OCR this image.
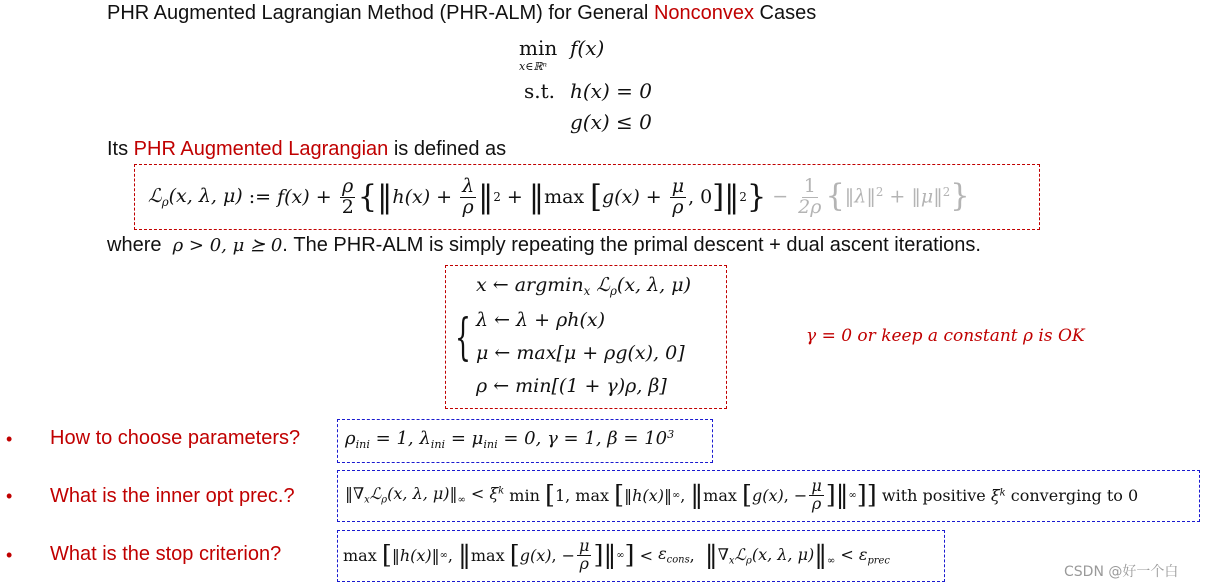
PHR Augmented Lagrangian Method (PHR-ALM) for General Nonconvex Cases
min
x∈ℝⁿ
f(x)
s.t. h(x) = 0
g(x) ≤ 0
Its PHR Augmented Lagrangian is defined as
ℒ$_\rho$(x, λ, μ) := $f(x) + \frac{\rho}{2}$ { ‖ $h(x) + \frac{\lambda}{\rho}$ ‖ 2 + ‖ max [ $g(x) + \frac{\mu}{\rho}$ , 0 ] ‖ 2 } − $\frac{1}{2\rho}$ {‖λ‖$^2$ + ‖μ‖$^2$}
where ρ > 0, μ ⪰ 0. The PHR-ALM is simply repeating the primal descent + dual ascent iterations.
{
x ← argmin$_x$ ℒ$_\rho$(x, λ, μ)
λ ← λ + ρh(x)
μ ← max[μ + ρg(x), 0]
ρ ← min[(1 + γ)ρ, β]
γ = 0 or keep a constant ρ is OK
• How to choose parameters?
• What is the inner opt prec.?
• What is the stop criterion?
$\rho_{ini} = 1$, $\lambda_{ini} = \mu_{ini} = 0$, γ = 1, $\beta = 10^3$
$‖\nabla_xℒ_\rho(x$, λ, $\mu)‖_\infty < \xi^k$ min [ 1, max [ ‖ h(x) ‖ ∞ , ‖ max [ g(x) , − $\frac{\mu}{\rho}$ ] ‖ ∞ ]]
with positive
$\xi^k$
converging to 0
max [ ‖ h(x) ‖ ∞ , ‖ max [ g(x) , − $\frac{\mu}{\rho}$ ] ‖ ∞ ] < $\varepsilon_{cons}$ , $‖\nabla_xℒ_\rho(x$, λ, $\mu)‖_\infty < \varepsilon_{prec}$
CSDN @好一个白
